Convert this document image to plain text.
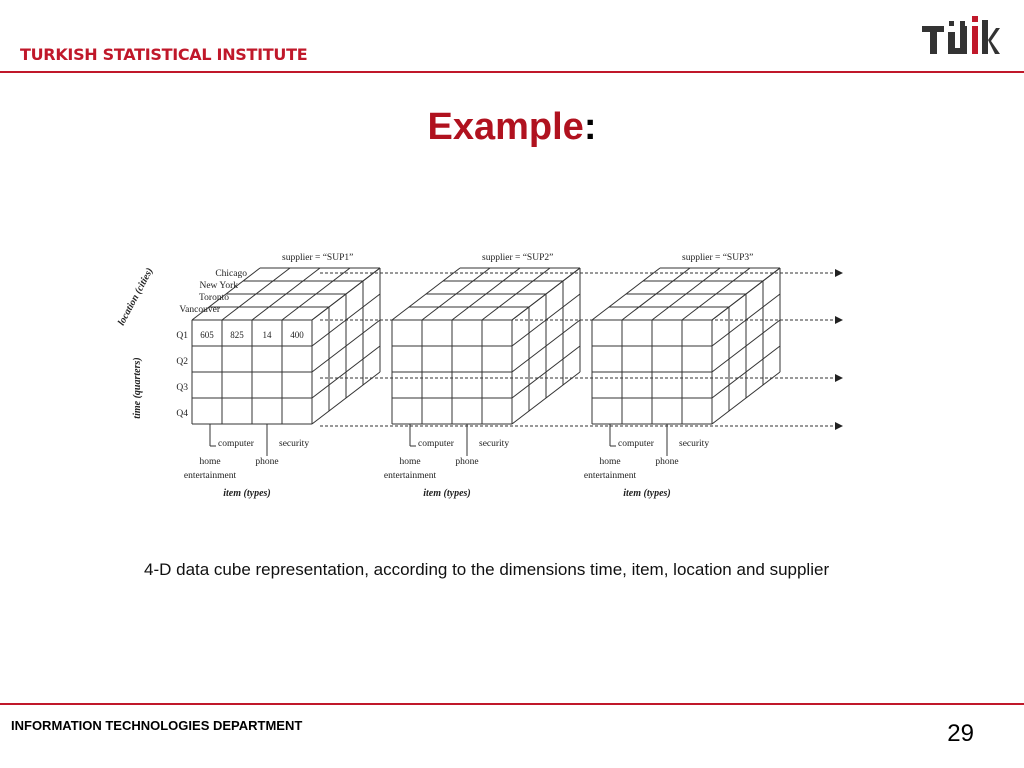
TURKISH STATISTICAL INSTITUTE
Example:
supplier = “SUP1”
computer	security
home	phone
entertainment
item (types)
supplier = “SUP2”
computer	security
home	phone
entertainment
item (types)
supplier = “SUP3”
computer	security
home	phone
entertainment
item (types)
Chicago
New York
Toronto
Vancouver
Q1
Q2
Q3
Q4
605 825 14 400
time (quarters)
location (cities)
4-D data cube representation, according to the dimensions time, item, location and supplier
INFORMATION TECHNOLOGIES DEPARTMENT	29
